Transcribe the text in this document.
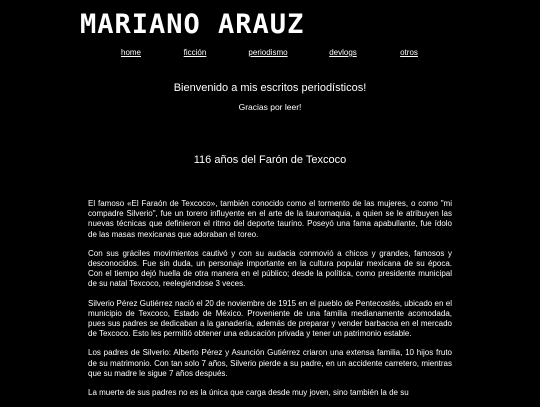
MARIANO ARAUZ
home	ficción	periodismo	devlogs	otros
Bienvenido a mis escritos periodísticos!
Gracias por leer!
116 años del Farón de Texcoco

El famoso «El Faraón de Texcoco», también conocido como el tormento de las mujeres, o como "mi compadre Silverio", fue un torero influyente en el arte de la tauromaquia, a quien se le atribuyen las nuevas técnicas que definieron el ritmo del deporte taurino. Poseyó una fama apabullante, fue ídolo de las masas mexicanas que adoraban el toreo.

Con sus gráciles movimientos cautivó y con su audacia conmovió a chicos y grandes, famosos y desconocidos. Fue sin duda, un personaje importante en la cultura popular mexicana de su época. Con el tiempo dejó huella de otra manera en el público; desde la política, como presidente municipal de su natal Texcoco, reelegiéndose 3 veces.

Silverio Pérez Gutiérrez nació el 20 de noviembre de 1915 en el pueblo de Pentecostés, ubicado en el municipio de Texcoco, Estado de México. Proveniente de una familia medianamente acomodada, pues sus padres se dedicaban a la ganadería, además de preparar y vender barbacoa en el mercado de Texcoco. Esto les permitió obtener una educación privada y tener un patrimonio estable.

Los padres de Silverio: Alberto Pérez y Asunción Gutiérrez criaron una extensa familia, 10 hijos fruto de su matrimonio. Con tan solo 7 años, Silverio pierde a su padre, en un accidente carretero, mientras que su madre le sigue 7 años después.

La muerte de sus padres no es la única que carga desde muy joven, sino también la de su
